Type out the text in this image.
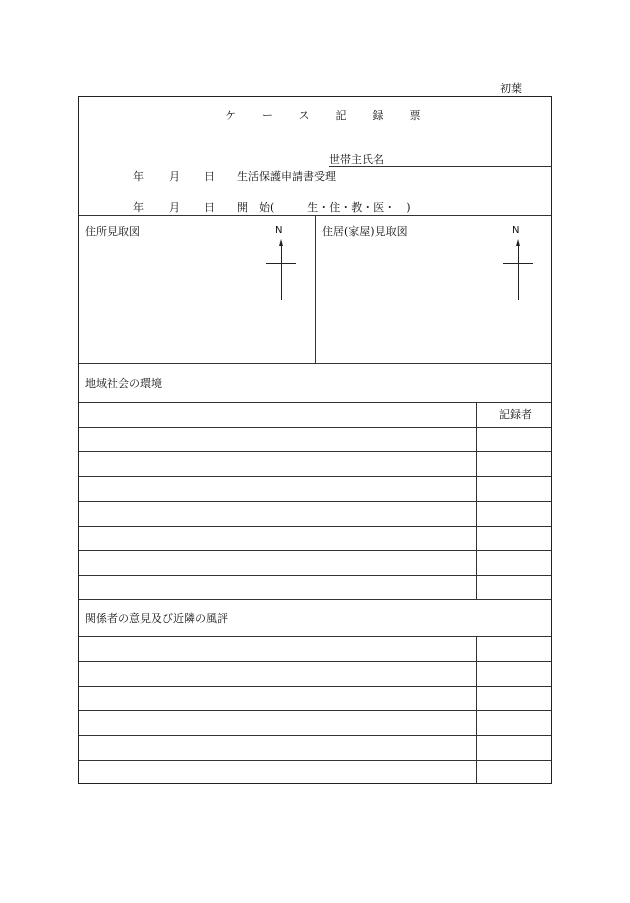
初葉
ケース記録票
世帯主氏名
年 月 日 生活保護申請書受理
年 月 日 開　始(　　　生・住・教・医・　)
住所見取図	N	住居(家屋)見取図	N
地域社会の環境
記録者
関係者の意見及び近隣の風評
